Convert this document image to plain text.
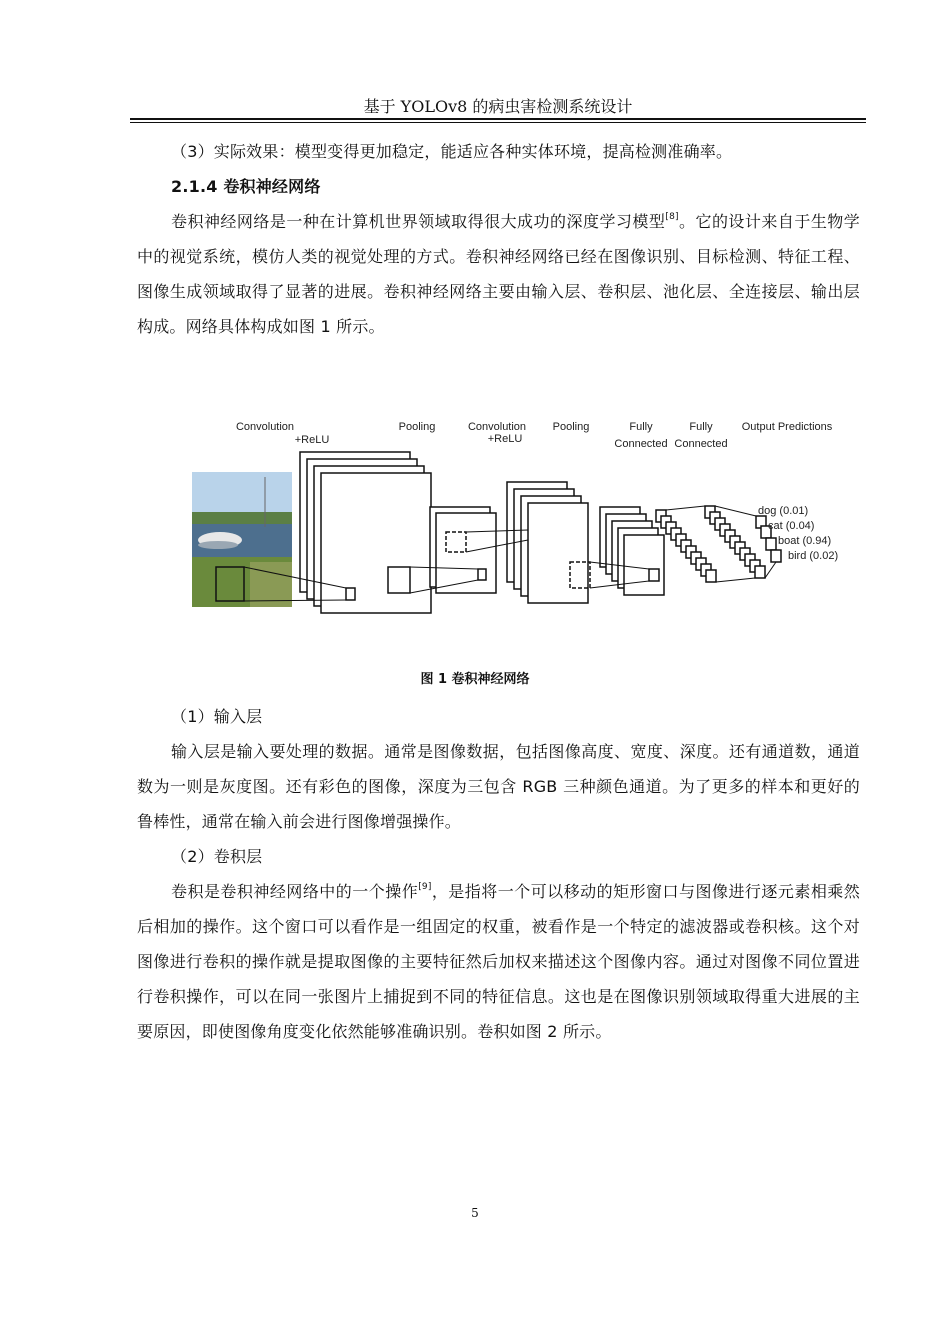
基于 YOLOv8 的病虫害检测系统设计

（3）实际效果：模型变得更加稳定，能适应各种实体环境，提高检测准确率。

2.1.4 卷积神经网络

卷积神经网络是一种在计算机世界领域取得很大成功的深度学习模型[8]。它的设计来自于生物学中的视觉系统，模仿人类的视觉处理的方式。卷积神经网络已经在图像识别、目标检测、特征工程、图像生成领域取得了显著的进展。卷积神经网络主要由输入层、卷积层、池化层、全连接层、输出层构成。网络具体构成如图 1 所示。

Convolution
+ReLU
Pooling	Convolution
+ReLU
Pooling	Fully
Connected
Fully
Connected
Output Predictions
dog (0.01)
cat (0.04)
boat (0.94)
bird (0.02)
图 1 卷积神经网络

（1）输入层

输入层是输入要处理的数据。通常是图像数据，包括图像高度、宽度、深度。还有通道数，通道数为一则是灰度图。还有彩色的图像，深度为三包含 RGB 三种颜色通道。为了更多的样本和更好的鲁棒性，通常在输入前会进行图像增强操作。

（2）卷积层

卷积是卷积神经网络中的一个操作[9]，是指将一个可以移动的矩形窗口与图像进行逐元素相乘然后相加的操作。这个窗口可以看作是一组固定的权重，被看作是一个特定的滤波器或卷积核。这个对图像进行卷积的操作就是提取图像的主要特征然后加权来描述这个图像内容。通过对图像不同位置进行卷积操作，可以在同一张图片上捕捉到不同的特征信息。这也是在图像识别领域取得重大进展的主要原因，即使图像角度变化依然能够准确识别。卷积如图 2 所示。

5
